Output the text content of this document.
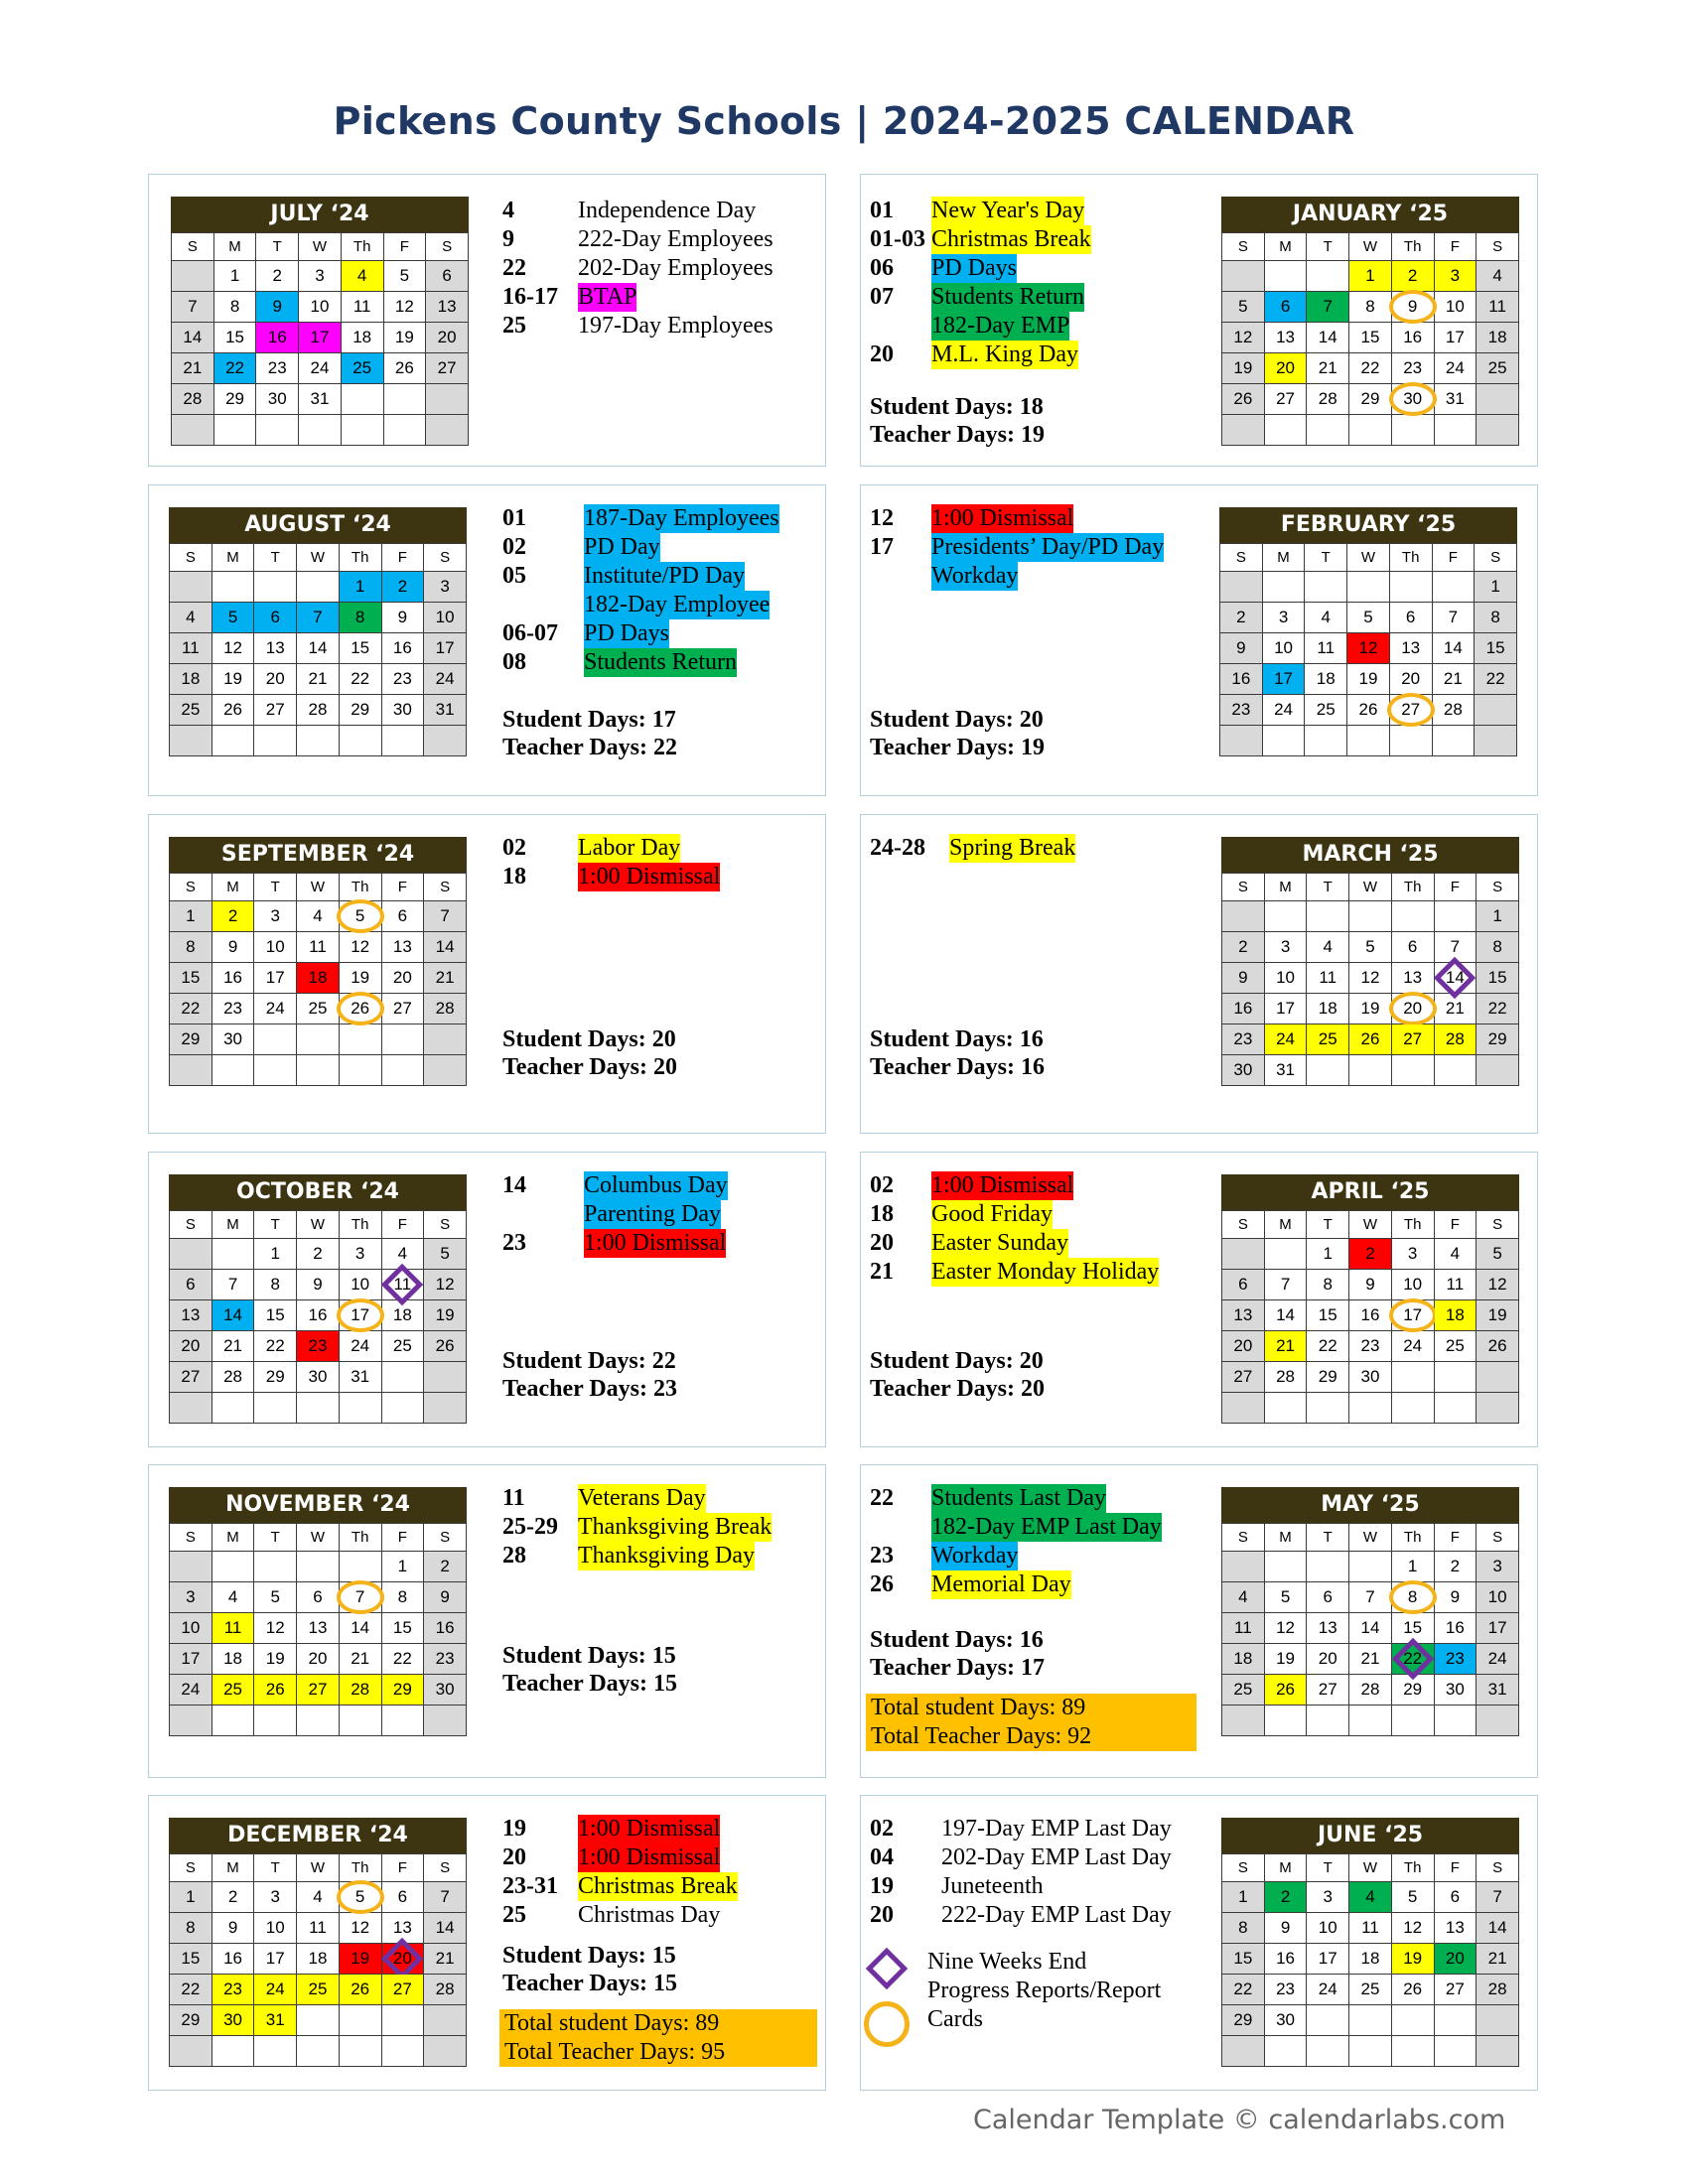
Pickens County Schools | 2024-2025 CALENDAR
JULY ‘24
S	M	T	W	Th	F	S
	1	2	3	4	5	6
7	8	9	10	11	12	13
14	15	16	17	18	19	20
21	22	23	24	25	26	27
28	29	30	31			

4	Independence Day
9	222-Day Employees
22 202-Day Employees
16-17 BTAP
25 197-Day Employees
AUGUST ‘24
S	M	T	W	Th	F	S
				1	2	3
4	5	6	7	8	9	10
11	12	13	14	15	16	17
18	19	20	21	22	23	24
25	26	27	28	29	30	31

01 187-Day Employees
02 PD Day
05 Institute/PD Day
182-Day Employee
06-07 PD Days
08 Students Return
Student Days: 17
Teacher Days: 22
SEPTEMBER ‘24
S	M	T	W	Th	F	S
1	2	3	4	5	6	7
8	9	10	11	12	13	14
15	16	17	18	19	20	21
22	23	24	25	26	27	28
29	30					

02 Labor Day
18 1:00 Dismissal
Student Days: 20
Teacher Days: 20
OCTOBER ‘24
S	M	T	W	Th	F	S
		1	2	3	4	5
6	7	8	9	10	11	12
13	14	15	16	17	18	19
20	21	22	23	24	25	26
27	28	29	30	31		

14 Columbus Day
Parenting Day
23 1:00 Dismissal
Student Days: 22
Teacher Days: 23
NOVEMBER ‘24
S	M	T	W	Th	F	S
					1	2
3	4	5	6	7	8	9
10	11	12	13	14	15	16
17	18	19	20	21	22	23
24	25	26	27	28	29	30

11 Veterans Day
25-29 Thanksgiving Break
28 Thanksgiving Day
Student Days: 15
Teacher Days: 15
DECEMBER ‘24
S	M	T	W	Th	F	S
1	2	3	4	5	6	7
8	9	10	11	12	13	14
15	16	17	18	19	20	21
22	23	24	25	26	27	28
29	30	31				

19 1:00 Dismissal
20 1:00 Dismissal
23-31 Christmas Break
25 Christmas Day
Student Days: 15
Teacher Days: 15
Total student Days: 89
Total Teacher Days: 95
JANUARY ‘25
S	M	T	W	Th	F	S
			1	2	3	4
5	6	7	8	9	10	11
12	13	14	15	16	17	18
19	20	21	22	23	24	25
26	27	28	29	30	31	

01 New Year's Day
01-03 Christmas Break
06 PD Days
07 Students Return
182-Day EMP
20 M.L. King Day
Student Days: 18
Teacher Days: 19
FEBRUARY ‘25
S	M	T	W	Th	F	S
						1
2	3	4	5	6	7	8
9	10	11	12	13	14	15
16	17	18	19	20	21	22
23	24	25	26	27	28	

12 1:00 Dismissal
17 Presidents’ Day/PD Day
Workday
Student Days: 20
Teacher Days: 19
MARCH ‘25
S	M	T	W	Th	F	S
						1
2	3	4	5	6	7	8
9	10	11	12	13	14	15
16	17	18	19	20	21	22
23	24	25	26	27	28	29
30	31					
24-28 Spring Break
Student Days: 16
Teacher Days: 16
APRIL ‘25
S	M	T	W	Th	F	S
		1	2	3	4	5
6	7	8	9	10	11	12
13	14	15	16	17	18	19
20	21	22	23	24	25	26
27	28	29	30			

02 1:00 Dismissal
18 Good Friday
20 Easter Sunday
21 Easter Monday Holiday
Student Days: 20
Teacher Days: 20
MAY ‘25
S	M	T	W	Th	F	S
				1	2	3
4	5	6	7	8	9	10
11	12	13	14	15	16	17
18	19	20	21	22	23	24
25	26	27	28	29	30	31

22 Students Last Day
182-Day EMP Last Day
23 Workday
26 Memorial Day
Student Days: 16
Teacher Days: 17
Total student Days: 89
Total Teacher Days: 92
JUNE ‘25
S	M	T	W	Th	F	S
1	2	3	4	5	6	7
8	9	10	11	12	13	14
15	16	17	18	19	20	21
22	23	24	25	26	27	28
29	30					

02 197-Day EMP Last Day
04 202-Day EMP Last Day
19 Juneteenth
20 222-Day EMP Last Day
Nine Weeks End
Progress Reports/Report
Cards
Calendar Template © calendarlabs.com
